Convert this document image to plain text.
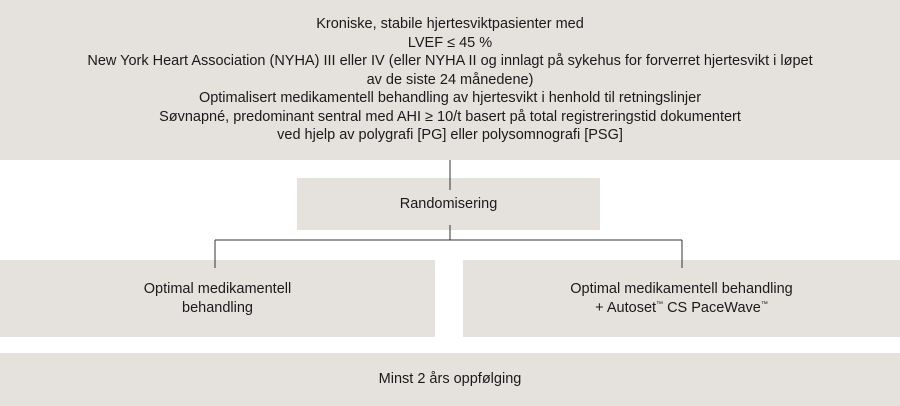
Kroniske, stabile hjertesviktpasienter med
LVEF ≤ 45 %
New York Heart Association (NYHA) III eller IV (eller NYHA II og innlagt på sykehus for forverret hjertesvikt i løpet
av de siste 24 månedene)
Optimalisert medikamentell behandling av hjertesvikt i henhold til retningslinjer
Søvnapné, predominant sentral med AHI ≥ 10/t basert på total registreringstid dokumentert
ved hjelp av polygrafi [PG] eller polysomnografi [PSG]
Randomisering
Optimal medikamentell
behandling
Optimal medikamentell behandling
+ Autoset™ CS PaceWave™
Minst 2 års oppfølging
